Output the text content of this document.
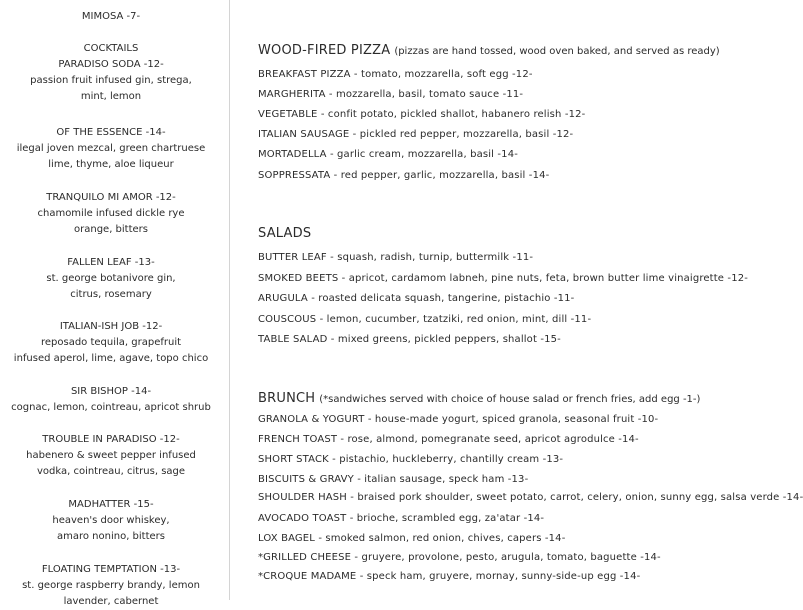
MIMOSA -7-
COCKTAILS
PARADISO SODA -12-
passion fruit infused gin, strega,
mint, lemon
OF THE ESSENCE -14-
ilegal joven mezcal, green chartruese
lime, thyme, aloe liqueur
TRANQUILO MI AMOR -12-
chamomile infused dickle rye
orange, bitters
FALLEN LEAF -13-
st. george botanivore gin,
citrus, rosemary
ITALIAN-ISH JOB -12-
reposado tequila, grapefruit
infused aperol, lime, agave, topo chico
SIR BISHOP -14-
cognac, lemon, cointreau, apricot shrub
TROUBLE IN PARADISO -12-
habenero & sweet pepper infused
vodka, cointreau, citrus, sage
MADHATTER -15-
heaven's door whiskey,
amaro nonino, bitters
FLOATING TEMPTATION -13-
st. george raspberry brandy, lemon
lavender, cabernet
WOOD-FIRED PIZZA (pizzas are hand tossed, wood oven baked, and served as ready)
BREAKFAST PIZZA - tomato, mozzarella, soft egg -12-
MARGHERITA - mozzarella, basil, tomato sauce -11-
VEGETABLE - confit potato, pickled shallot, habanero relish -12-
ITALIAN SAUSAGE - pickled red pepper, mozzarella, basil -12-
MORTADELLA - garlic cream, mozzarella, basil -14-
SOPPRESSATA - red pepper, garlic, mozzarella, basil -14-
SALADS
BUTTER LEAF - squash, radish, turnip, buttermilk -11-
SMOKED BEETS - apricot, cardamom labneh, pine nuts, feta, brown butter lime vinaigrette -12-
ARUGULA - roasted delicata squash, tangerine, pistachio -11-
COUSCOUS - lemon, cucumber, tzatziki, red onion, mint, dill -11-
TABLE SALAD - mixed greens, pickled peppers, shallot -15-
BRUNCH (*sandwiches served with choice of house salad or french fries, add egg -1-)
GRANOLA & YOGURT - house-made yogurt, spiced granola, seasonal fruit -10-
FRENCH TOAST - rose, almond, pomegranate seed, apricot agrodulce -14-
SHORT STACK - pistachio, huckleberry, chantilly cream -13-
BISCUITS & GRAVY - italian sausage, speck ham -13-
SHOULDER HASH - braised pork shoulder, sweet potato, carrot, celery, onion, sunny egg, salsa verde -14-
AVOCADO TOAST - brioche, scrambled egg, za'atar -14-
LOX BAGEL - smoked salmon, red onion, chives, capers -14-
*GRILLED CHEESE - gruyere, provolone, pesto, arugula, tomato, baguette -14-
*CROQUE MADAME - speck ham, gruyere, mornay, sunny-side-up egg -14-
